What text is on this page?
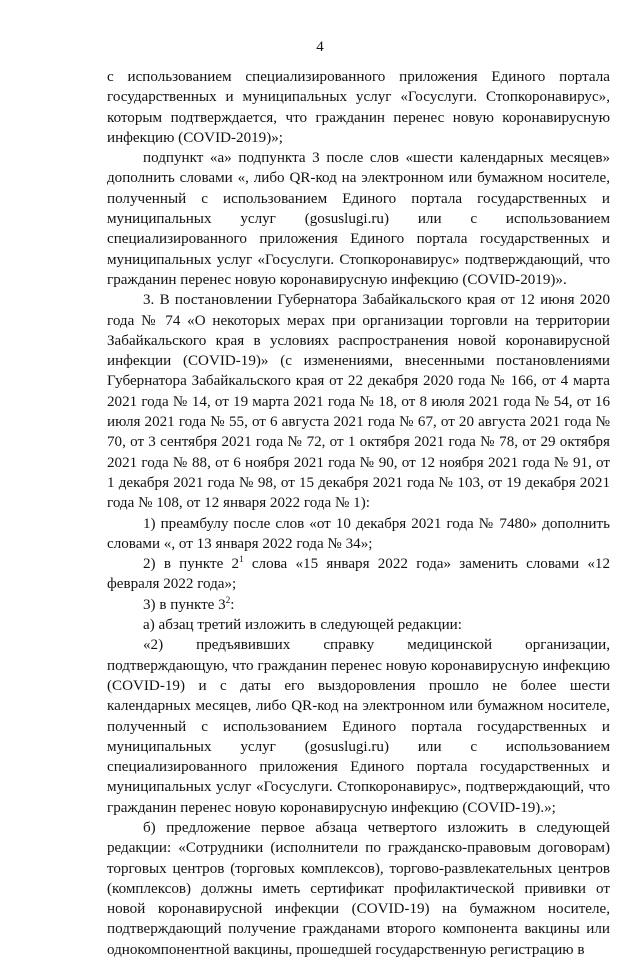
4

с использованием специализированного приложения Единого портала государственных и муниципальных услуг «Госуслуги. Стопкоронавирус», которым подтверждается, что гражданин перенес новую коронавирусную инфекцию (COVID-2019)»;

подпункт «а» подпункта 3 после слов «шести календарных месяцев» дополнить словами «, либо QR-код на электронном или бумажном носителе, полученный с использованием Единого портала государственных и муниципальных услуг (gosuslugi.ru) или с использованием специализированного приложения Единого портала государственных и муниципальных услуг «Госуслуги. Стопкоронавирус» подтверждающий, что гражданин перенес новую коронавирусную инфекцию (COVID-2019)».

3. В постановлении Губернатора Забайкальского края от 12 июня 2020 года № 74 «О некоторых мерах при организации торговли на территории Забайкальского края в условиях распространения новой коронавирусной инфекции (COVID-19)» (с изменениями, внесенными постановлениями Губернатора Забайкальского края от 22 декабря 2020 года № 166, от 4 марта 2021 года № 14, от 19 марта 2021 года № 18, от 8 июля 2021 года № 54, от 16 июля 2021 года № 55, от 6 августа 2021 года № 67, от 20 августа 2021 года № 70, от 3 сентября 2021 года № 72, от 1 октября 2021 года № 78, от 29 октября 2021 года № 88, от 6 ноября 2021 года № 90, от 12 ноября 2021 года № 91, от 1 декабря 2021 года № 98, от 15 декабря 2021 года № 103, от 19 декабря 2021 года № 108, от 12 января 2022 года № 1):

1) преамбулу после слов «от 10 декабря 2021 года № 7480» дополнить словами «, от 13 января 2022 года № 34»;

2) в пункте $2^1$ слова «15 января 2022 года» заменить словами «12 февраля 2022 года»;

3) в пункте $3^2$:

а) абзац третий изложить в следующей редакции:

«2) предъявивших справку медицинской организации, подтверждающую, что гражданин перенес новую коронавирусную инфекцию (COVID-19) и с даты его выздоровления прошло не более шести календарных месяцев, либо QR-код на электронном или бумажном носителе, полученный с использованием Единого портала государственных и муниципальных услуг (gosuslugi.ru) или с использованием специализированного приложения Единого портала государственных и муниципальных услуг «Госуслуги. Стопкоронавирус», подтверждающий, что гражданин перенес новую коронавирусную инфекцию (COVID-19).»;

б) предложение первое абзаца четвертого изложить в следующей редакции: «Сотрудники (исполнители по гражданско-правовым договорам) торговых центров (торговых комплексов), торгово-развлекательных центров (комплексов) должны иметь сертификат профилактической прививки от новой коронавирусной инфекции (COVID-19) на бумажном носителе, подтверждающий получение гражданами второго компонента вакцины или однокомпонентной вакцины, прошедшей государственную регистрацию в
